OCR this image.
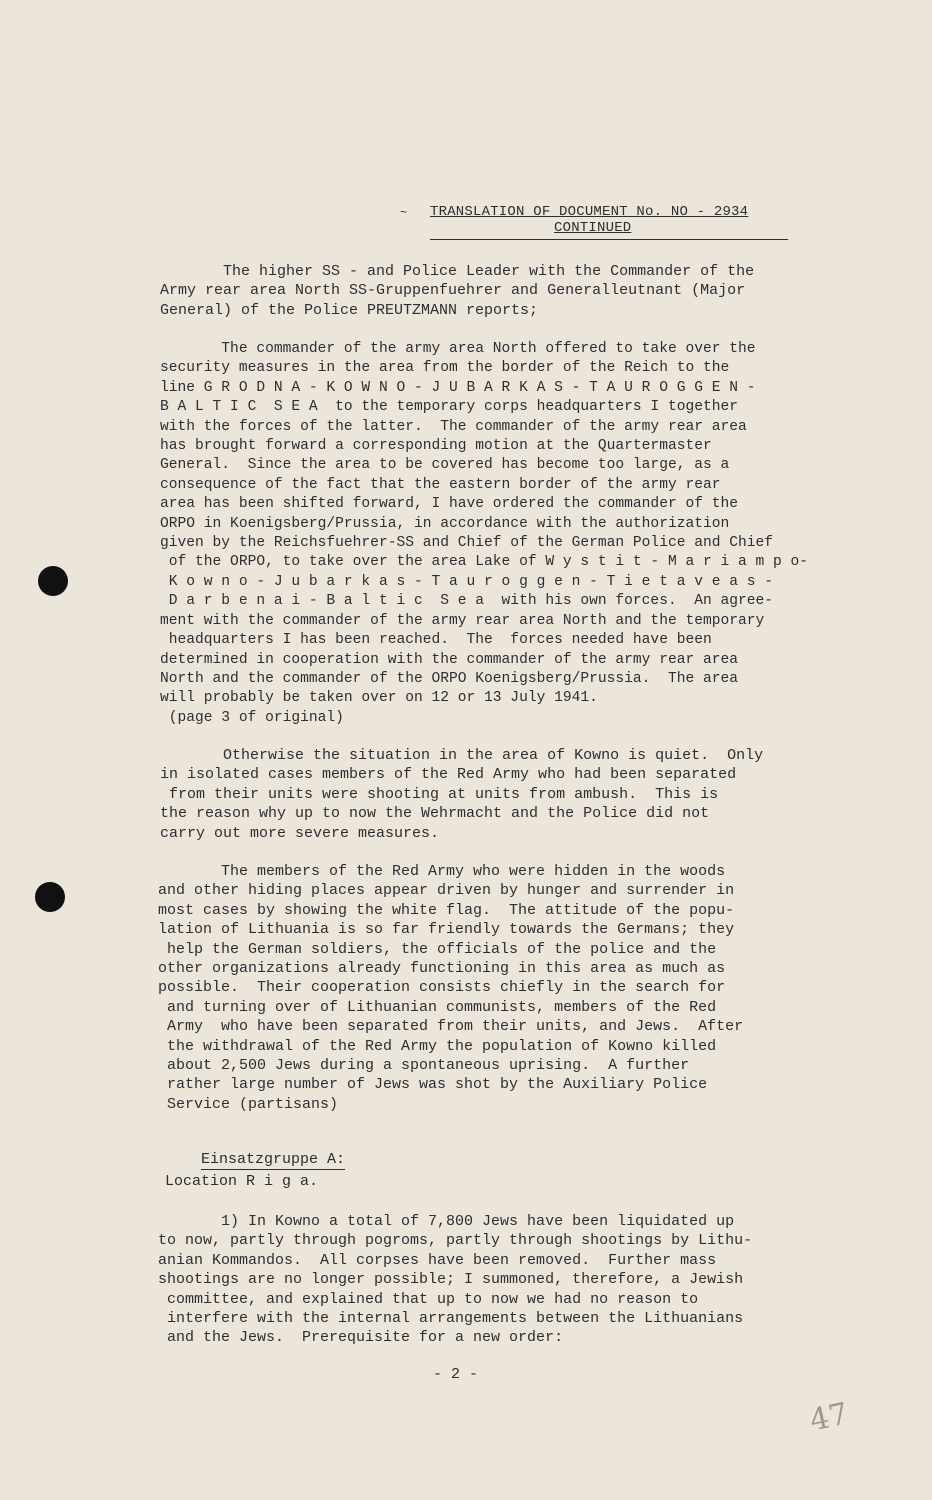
~ TRANSLATION OF DOCUMENT No. NO - 2934
CONTINUED
The higher SS - and Police Leader with the Commander of the
Army rear area North SS-Gruppenfuehrer and Generalleutnant (Major
General) of the Police PREUTZMANN reports;
The commander of the army area North offered to take over the
security measures in the area from the border of the Reich to the
line G R O D N A - K O W N O - J U B A R K A S - T A U R O G G E N -
B A L T I C  S E A  to the temporary corps headquarters I together
with the forces of the latter.  The commander of the army rear area
has brought forward a corresponding motion at the Quartermaster
General.  Since the area to be covered has become too large, as a
consequence of the fact that the eastern border of the army rear
area has been shifted forward, I have ordered the commander of the
ORPO in Koenigsberg/Prussia, in accordance with the authorization
given by the Reichsfuehrer-SS and Chief of the German Police and Chief
of the ORPO, to take over the area Lake of W y s t i t - M a r i a m p o-
K o w n o - J u b a r k a s - T a u r o g g e n - T i e t a v e a s -
D a r b e n a i - B a l t i c  S e a  with his own forces.  An agree-
ment with the commander of the army rear area North and the temporary
headquarters I has been reached.  The  forces needed have been
determined in cooperation with the commander of the army rear area
North and the commander of the ORPO Koenigsberg/Prussia.  The area
will probably be taken over on 12 or 13 July 1941.
(page 3 of original)
Otherwise the situation in the area of Kowno is quiet.  Only
in isolated cases members of the Red Army who had been separated
from their units were shooting at units from ambush.  This is
the reason why up to now the Wehrmacht and the Police did not
carry out more severe measures.
The members of the Red Army who were hidden in the woods
and other hiding places appear driven by hunger and surrender in
most cases by showing the white flag.  The attitude of the popu-
lation of Lithuania is so far friendly towards the Germans; they
help the German soldiers, the officials of the police and the
other organizations already functioning in this area as much as
possible.  Their cooperation consists chiefly in the search for
and turning over of Lithuanian communists, members of the Red
Army  who have been separated from their units, and Jews.  After
the withdrawal of the Red Army the population of Kowno killed
about 2,500 Jews during a spontaneous uprising.  A further
rather large number of Jews was shot by the Auxiliary Police
Service (partisans)

Einsatzgruppe A:

Location R i g a.
1) In Kowno a total of 7,800 Jews have been liquidated up
to now, partly through pogroms, partly through shootings by Lithu-
anian Kommandos.  All corpses have been removed.  Further mass
shootings are no longer possible; I summoned, therefore, a Jewish
committee, and explained that up to now we had no reason to
interfere with the internal arrangements between the Lithuanians
and the Jews.  Prerequisite for a new order:
- 2 -
47
